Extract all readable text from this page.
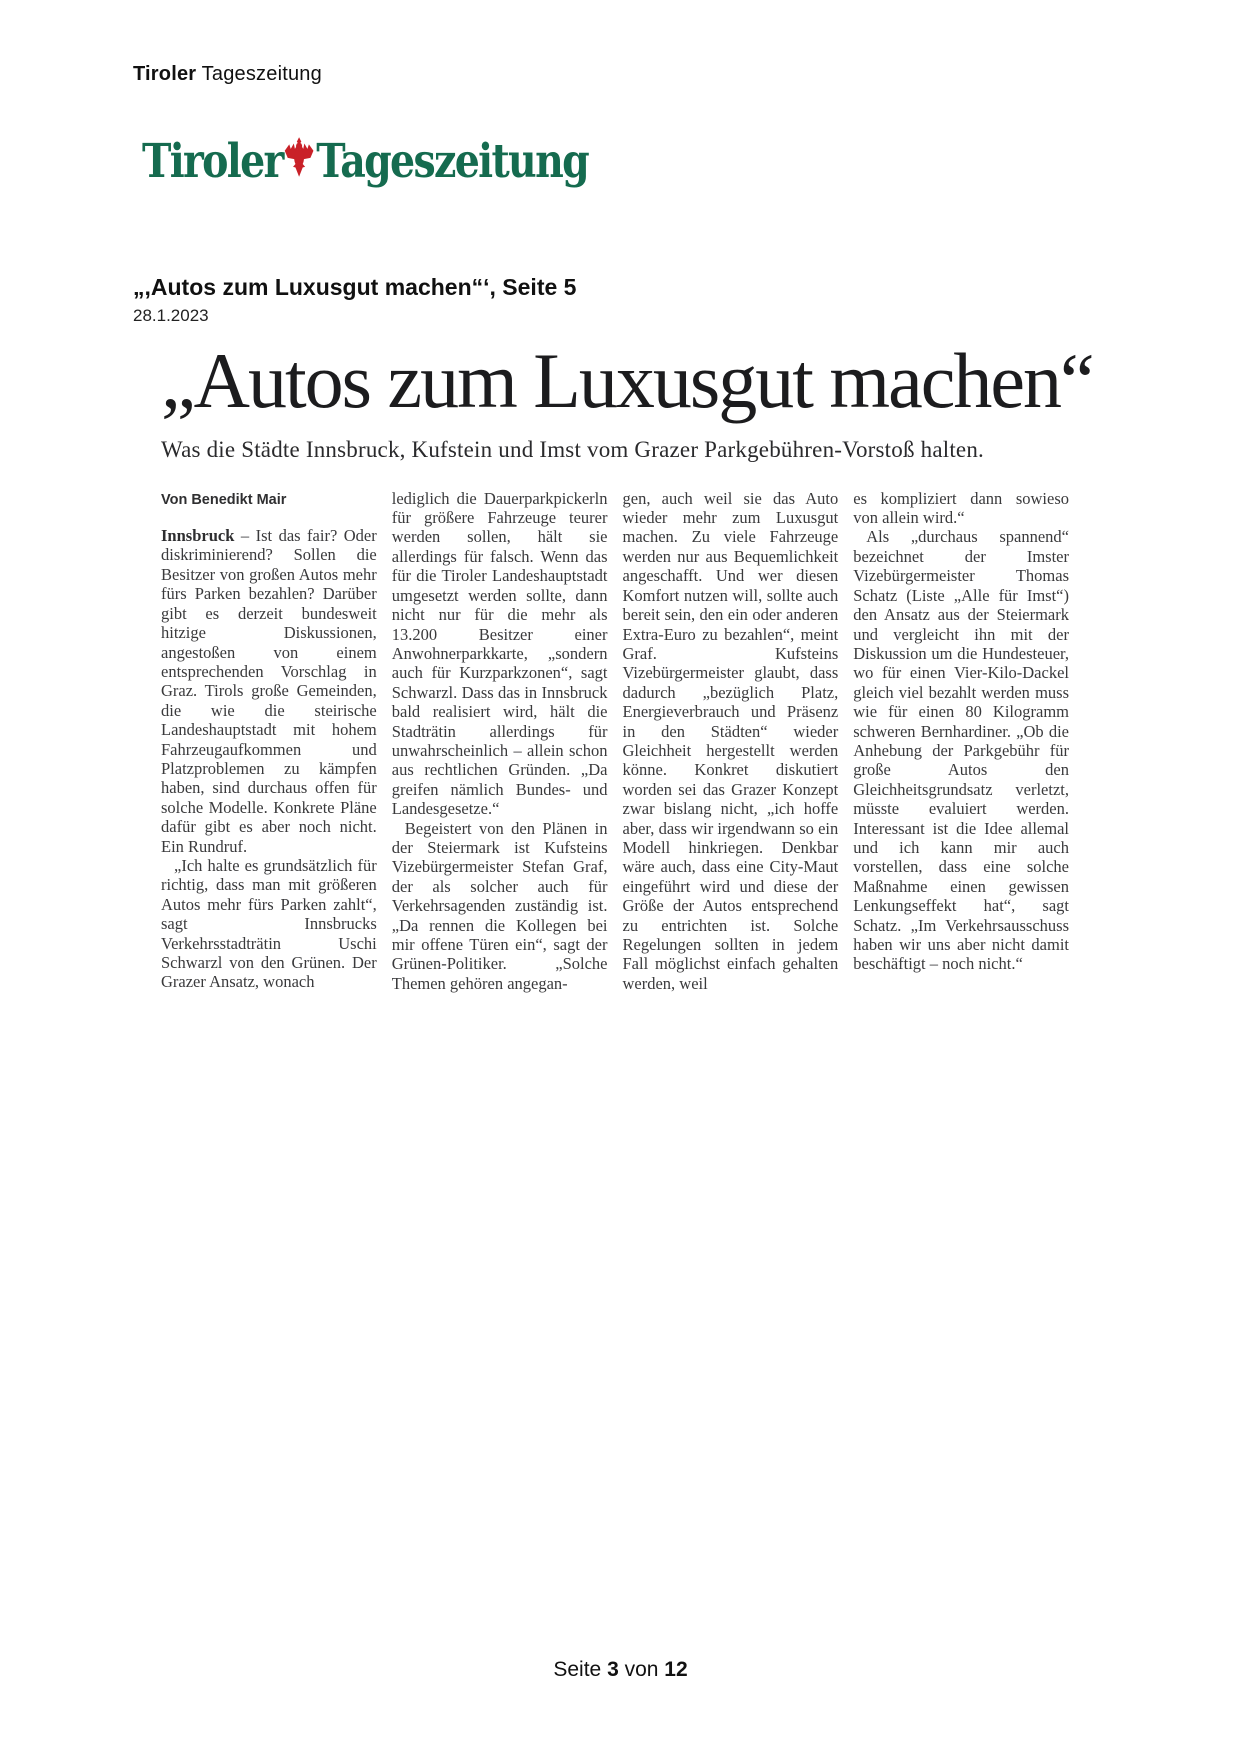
Tiroler Tageszeitung
Tiroler Tageszeitung
„,Autos zum Luxusgut machen“‘, Seite 5
28.1.2023
„Autos zum Luxusgut machen“
Was die Städte Innsbruck, Kufstein und Imst vom Grazer Parkgebühren-Vorstoß halten.
Von Benedikt Mair

Innsbruck – Ist das fair? Oder diskriminierend? Sollen die Besitzer von großen Autos mehr fürs Parken bezahlen? Darüber gibt es derzeit bundesweit hitzige Diskussionen, angestoßen von einem entsprechenden Vorschlag in Graz. Tirols große Gemeinden, die wie die steirische Landeshauptstadt mit hohem Fahrzeugaufkommen und Platzproblemen zu kämpfen haben, sind durchaus offen für solche Modelle. Konkrete Pläne dafür gibt es aber noch nicht. Ein Rundruf.

„Ich halte es grundsätzlich für richtig, dass man mit größeren Autos mehr fürs Parken zahlt“, sagt Innsbrucks Verkehrsstadträtin Uschi Schwarzl von den Grünen. Der Grazer Ansatz, wonach

lediglich die Dauerparkpickerln für größere Fahrzeuge teurer werden sollen, hält sie allerdings für falsch. Wenn das für die Tiroler Landeshauptstadt umgesetzt werden sollte, dann nicht nur für die mehr als 13.200 Besitzer einer Anwohnerparkkarte, „sondern auch für Kurzparkzonen“, sagt Schwarzl. Dass das in Innsbruck bald realisiert wird, hält die Stadträtin allerdings für unwahrscheinlich – allein schon aus rechtlichen Gründen. „Da greifen nämlich Bundes- und Landesgesetze.“

Begeistert von den Plänen in der Steiermark ist Kufsteins Vizebürgermeister Stefan Graf, der als solcher auch für Verkehrsagenden zuständig ist. „Da rennen die Kollegen bei mir offene Türen ein“, sagt der Grünen-Politiker. „Solche Themen gehören angegan-

gen, auch weil sie das Auto wieder mehr zum Luxusgut machen. Zu viele Fahrzeuge werden nur aus Bequemlichkeit angeschafft. Und wer diesen Komfort nutzen will, sollte auch bereit sein, den ein oder anderen Extra-Euro zu bezahlen“, meint Graf. Kufsteins Vizebürgermeister glaubt, dass dadurch „bezüglich Platz, Energieverbrauch und Präsenz in den Städten“ wieder Gleichheit hergestellt werden könne. Konkret diskutiert worden sei das Grazer Konzept zwar bislang nicht, „ich hoffe aber, dass wir irgendwann so ein Modell hinkriegen. Denkbar wäre auch, dass eine City-Maut eingeführt wird und diese der Größe der Autos entsprechend zu entrichten ist. Solche Regelungen sollten in jedem Fall möglichst einfach gehalten werden, weil

es kompliziert dann sowieso von allein wird.“

Als „durchaus spannend“ bezeichnet der Imster Vizebürgermeister Thomas Schatz (Liste „Alle für Imst“) den Ansatz aus der Steiermark und vergleicht ihn mit der Diskussion um die Hundesteuer, wo für einen Vier-Kilo-Dackel gleich viel bezahlt werden muss wie für einen 80 Kilogramm schweren Bernhardiner. „Ob die Anhebung der Parkgebühr für große Autos den Gleichheitsgrundsatz verletzt, müsste evaluiert werden. Interessant ist die Idee allemal und ich kann mir auch vorstellen, dass eine solche Maßnahme einen gewissen Lenkungseffekt hat“, sagt Schatz. „Im Verkehrsausschuss haben wir uns aber nicht damit beschäftigt – noch nicht.“

Seite 3 von 12
